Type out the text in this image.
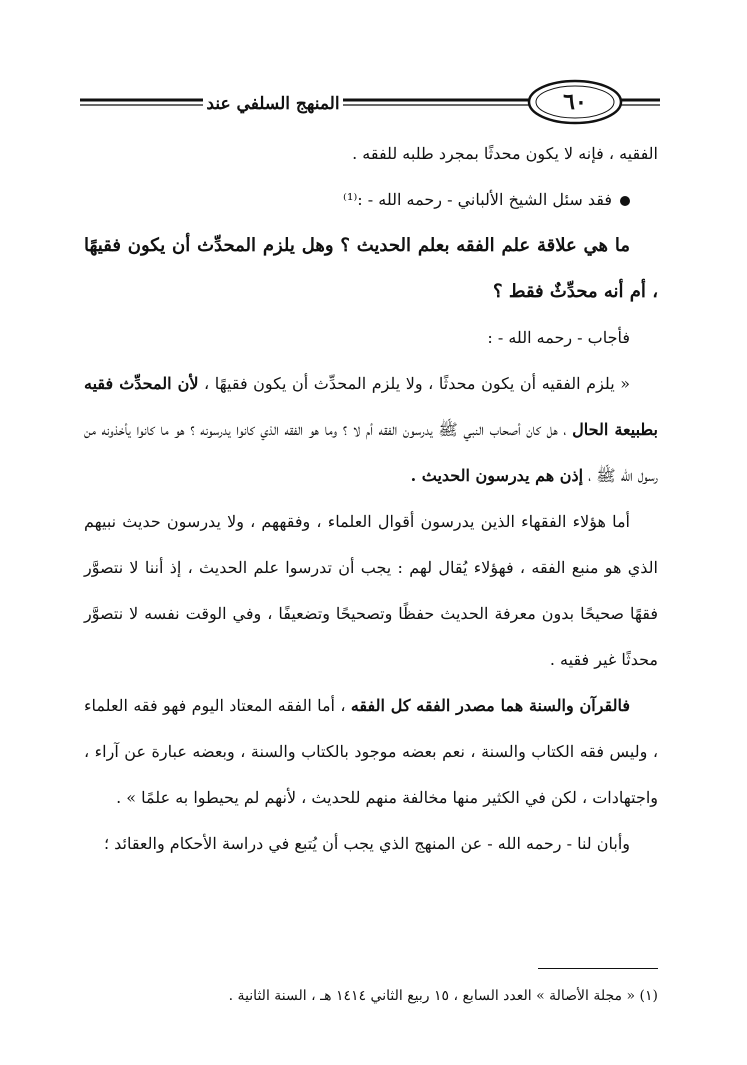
المنهج السلفي عند	٦٠

الفقيه ، فإنه لا يكون محدثًا بمجرد طلبه للفقه .

فقد سئل الشيخ الألباني - رحمه الله - :⁽¹⁾

ما هي علاقة علم الفقه بعلم الحديث ؟ وهل يلزم المحدِّث أن يكون فقيهًا ، أم أنه محدِّثٌ فقط ؟

فأجاب - رحمه الله - :

« يلزم الفقيه أن يكون محدثًا ، ولا يلزم المحدِّث أن يكون فقيهًا ، لأن المحدِّث فقيه بطبيعة الحال ، هل كان أصحاب النبي ﷺ يدرسون الفقه أم لا ؟ وما هو الفقه الذي كانوا يدرسونه ؟ هو ما كانوا يأخذونه من رسول الله ﷺ ، إذن هم يدرسون الحديث .

أما هؤلاء الفقهاء الذين يدرسون أقوال العلماء ، وفقههم ، ولا يدرسون حديث نبيهم الذي هو منبع الفقه ، فهؤلاء يُقال لهم : يجب أن تدرسوا علم الحديث ، إذ أننا لا نتصوَّر فقهًا صحيحًا بدون معرفة الحديث حفظًا وتصحيحًا وتضعيفًا ، وفي الوقت نفسه لا نتصوَّر محدثًا غير فقيه .

فالقرآن والسنة هما مصدر الفقه كل الفقه ، أما الفقه المعتاد اليوم فهو فقه العلماء ، وليس فقه الكتاب والسنة ، نعم بعضه موجود بالكتاب والسنة ، وبعضه عبارة عن آراء ، واجتهادات ، لكن في الكثير منها مخالفة منهم للحديث ، لأنهم لم يحيطوا به علمًا » .

وأبان لنا - رحمه الله - عن المنهج الذي يجب أن يُتبع في دراسة الأحكام والعقائد ؛

(١) « مجلة الأصالة » العدد السابع ، ١٥ ربيع الثاني ١٤١٤ هـ ، السنة الثانية .
